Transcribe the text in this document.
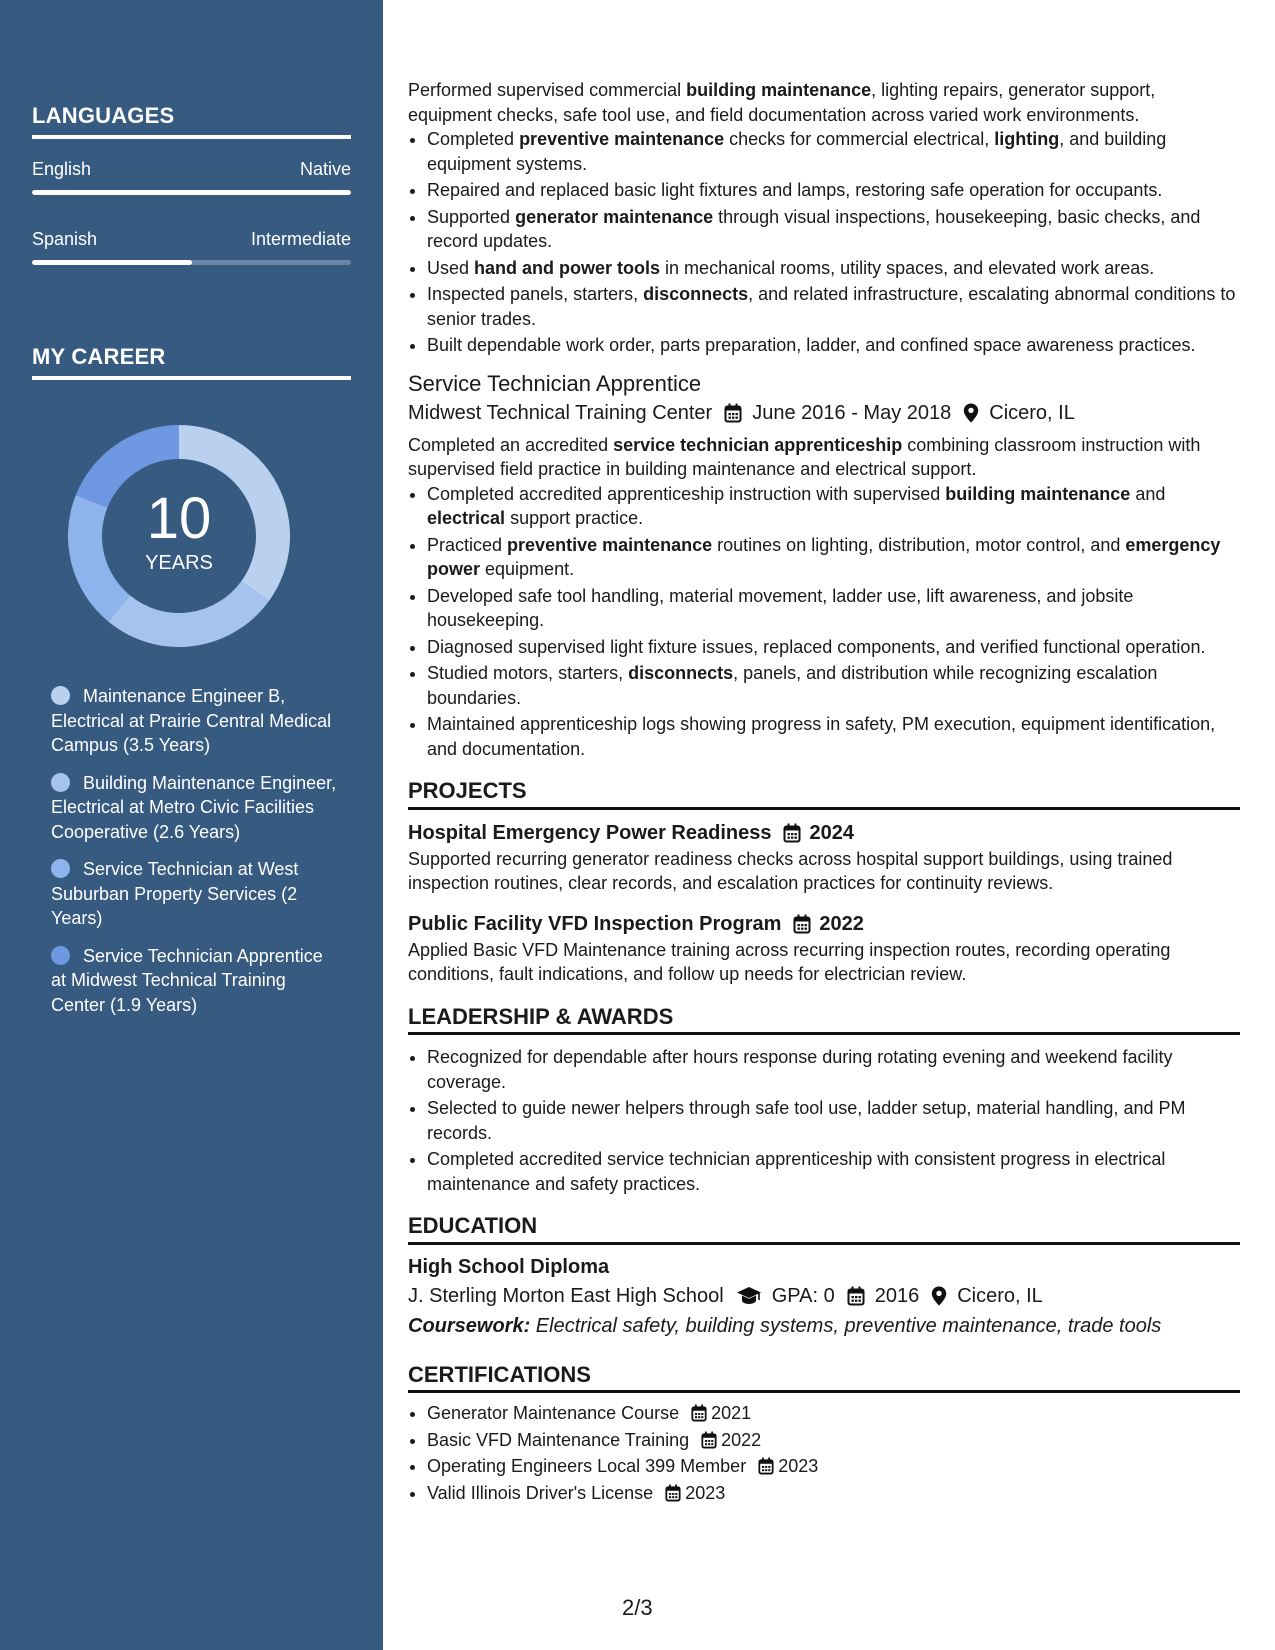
LANGUAGES
English	Native
Spanish	Intermediate
MY CAREER
10
YEARS
Maintenance Engineer B, Electrical at Prairie Central Medical Campus (3.5 Years)
Building Maintenance Engineer, Electrical at Metro Civic Facilities Cooperative (2.6 Years)
Service Technician at West Suburban Property Services (2 Years)
Service Technician Apprentice at Midwest Technical Training Center (1.9 Years)

Performed supervised commercial building maintenance, lighting repairs, generator support, equipment checks, safe tool use, and field documentation across varied work environments.

• Completed preventive maintenance checks for commercial electrical, lighting, and building equipment systems.
• Repaired and replaced basic light fixtures and lamps, restoring safe operation for occupants.
• Supported generator maintenance through visual inspections, housekeeping, basic checks, and record updates.
• Used hand and power tools in mechanical rooms, utility spaces, and elevated work areas.
• Inspected panels, starters, disconnects, and related infrastructure, escalating abnormal conditions to senior trades.
• Built dependable work order, parts preparation, ladder, and confined space awareness practices.
Service Technician Apprentice
Midwest Technical Training Center June 2016 - May 2018 Cicero, IL

Completed an accredited service technician apprenticeship combining classroom instruction with supervised field practice in building maintenance and electrical support.

• Completed accredited apprenticeship instruction with supervised building maintenance and electrical support practice.
• Practiced preventive maintenance routines on lighting, distribution, motor control, and emergency power equipment.
• Developed safe tool handling, material movement, ladder use, lift awareness, and jobsite housekeeping.
• Diagnosed supervised light fixture issues, replaced components, and verified functional operation.
• Studied motors, starters, disconnects, panels, and distribution while recognizing escalation boundaries.
• Maintained apprenticeship logs showing progress in safety, PM execution, equipment identification, and documentation.
PROJECTS
Hospital Emergency Power Readiness 2024

Supported recurring generator readiness checks across hospital support buildings, using trained inspection routines, clear records, and escalation practices for continuity reviews.

Public Facility VFD Inspection Program 2022

Applied Basic VFD Maintenance training across recurring inspection routes, recording operating conditions, fault indications, and follow up needs for electrician review.

LEADERSHIP & AWARDS
• Recognized for dependable after hours response during rotating evening and weekend facility coverage.
• Selected to guide newer helpers through safe tool use, ladder setup, material handling, and PM records.
• Completed accredited service technician apprenticeship with consistent progress in electrical maintenance and safety practices.
EDUCATION
High School Diploma
J. Sterling Morton East High School GPA: 0 2016 Cicero, IL
Coursework: Electrical safety, building systems, preventive maintenance, trade tools
CERTIFICATIONS
• Generator Maintenance Course 2021
• Basic VFD Maintenance Training 2022
• Operating Engineers Local 399 Member 2023
• Valid Illinois Driver's License 2023
2/3
